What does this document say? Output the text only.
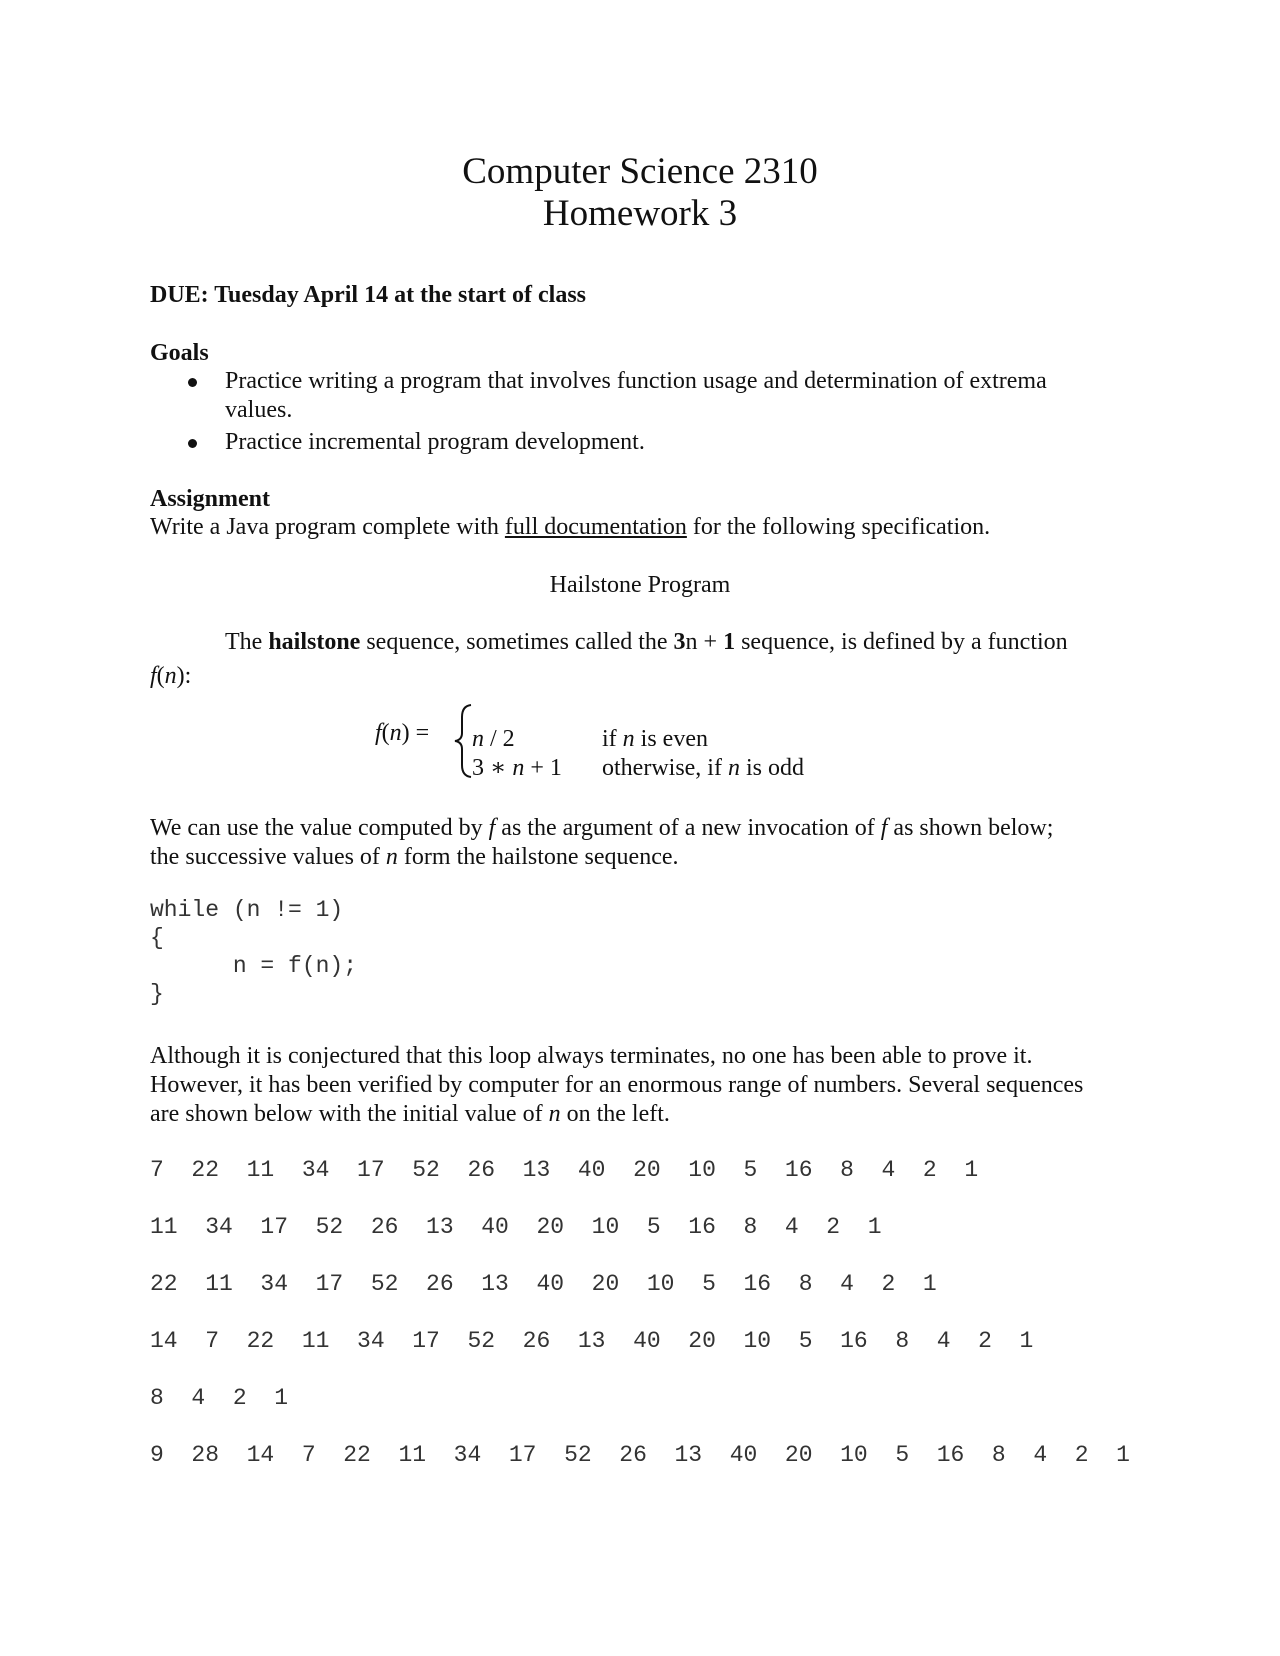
Computer Science 2310
Homework 3
DUE: Tuesday April 14 at the start of class
Goals
Practice writing a program that involves function usage and determination of extrema
values.
Practice incremental program development.
Assignment
Write a Java program complete with full documentation for the following specification.
Hailstone Program
The hailstone sequence, sometimes called the 3n + 1 sequence, is defined by a function
f(n):
f(n) = n / 2	if n is even
3 ∗ n + 1 otherwise, if n is odd
We can use the value computed by f as the argument of a new invocation of f as shown below;
the successive values of n form the hailstone sequence.
while (n != 1)
{
n = f(n);
}
Although it is conjectured that this loop always terminates, no one has been able to prove it.
However, it has been verified by computer for an enormous range of numbers. Several sequences
are shown below with the initial value of n on the left.
7  22  11  34  17  52  26  13  40  20  10  5  16  8  4  2  1
11  34  17  52  26  13  40  20  10  5  16  8  4  2  1
22  11  34  17  52  26  13  40  20  10  5  16  8  4  2  1
14  7  22  11  34  17  52  26  13  40  20  10  5  16  8  4  2  1
8  4  2  1
9  28  14  7  22  11  34  17  52  26  13  40  20  10  5  16  8  4  2  1
